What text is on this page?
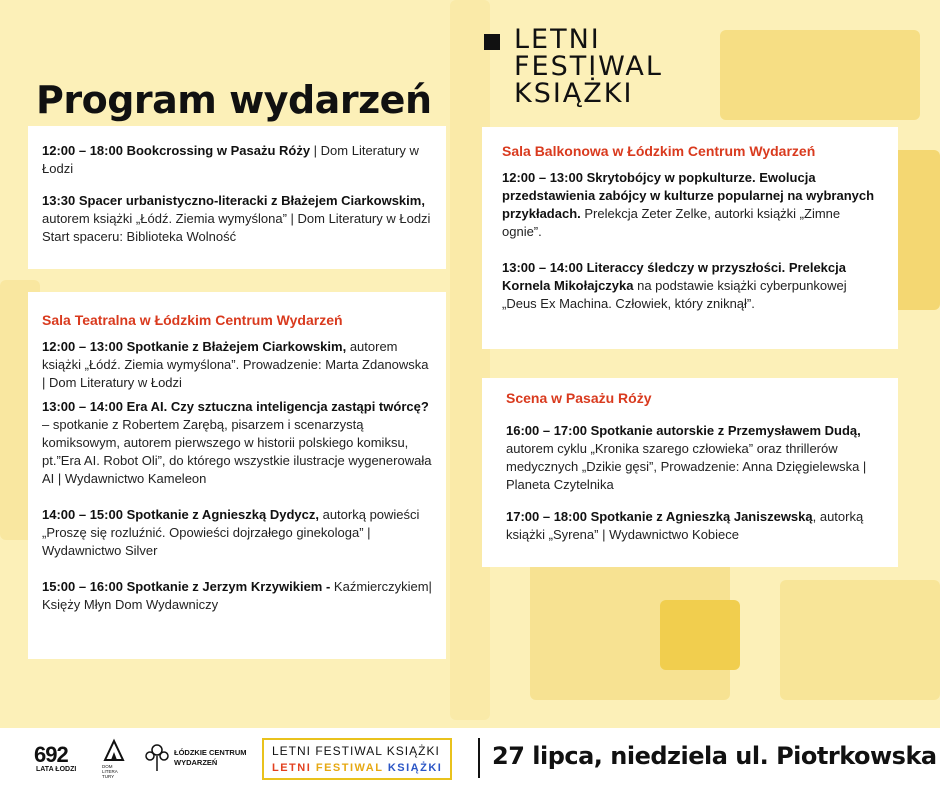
Program wydarzeń
LETNI
FESTIWAL
KSIĄŻKI

12:00 – 18:00 Bookcrossing w Pasażu Róży | Dom Literatury w Łodzi

13:30 Spacer urbanistyczno-literacki z Błażejem Ciarkowskim, autorem książki „Łódź. Ziemia wymyślona” | Dom Literatury w Łodzi Start spaceru: Biblioteka Wolność

Sala Teatralna w Łódzkim Centrum Wydarzeń

12:00 – 13:00 Spotkanie z Błażejem Ciarkowskim, autorem książki „Łódź. Ziemia wymyślona”. Prowadzenie: Marta Zdanowska | Dom Literatury w Łodzi

13:00 – 14:00 Era AI. Czy sztuczna inteligencja zastąpi twórcę? – spotkanie z Robertem Zarębą, pisarzem i scenarzystą komiksowym, autorem pierwszego w historii polskiego komiksu, pt.”Era AI. Robot Oli”, do którego wszystkie ilustracje wygenerowała AI | Wydawnictwo Kameleon

14:00 – 15:00 Spotkanie z Agnieszką Dydycz, autorką powieści „Proszę się rozluźnić. Opowieści dojrzałego ginekologa” | Wydawnictwo Silver

15:00 – 16:00 Spotkanie z Jerzym Krzywikiem - Kaźmierczykiem| Księży Młyn Dom Wydawniczy

Sala Balkonowa w Łódzkim Centrum Wydarzeń

12:00 – 13:00 Skrytobójcy w popkulturze. Ewolucja przedstawienia zabójcy w kulturze popularnej na wybranych przykładach. Prelekcja Zeter Zelke, autorki książki „Zimne ognie”.

13:00 – 14:00 Literaccy śledczy w przyszłości. Prelekcja Kornela Mikołajczyka na podstawie książki cyberpunkowej „Deus Ex Machina. Człowiek, który zniknął”.

Scena w Pasażu Róży

16:00 – 17:00 Spotkanie autorskie z Przemysławem Dudą, autorem cyklu „Kronika szarego człowieka” oraz thrillerów medycznych „Dzikie gęsi”, Prowadzenie: Anna Dzięgielewska | Planeta Czytelnika

17:00 – 18:00 Spotkanie z Agnieszką Janiszewską, autorką książki „Syrena” | Wydawnictwo Kobiece

692
LATA ŁODZI	DOM
LITERA
TURY
ŁÓDZKIE CENTRUM
WYDARZEŃ
LETNI FESTIWAL KSIĄŻKI
LETNI FESTIWAL KSIĄŻKI 27 lipca, niedziela ul. Piotrkowska
